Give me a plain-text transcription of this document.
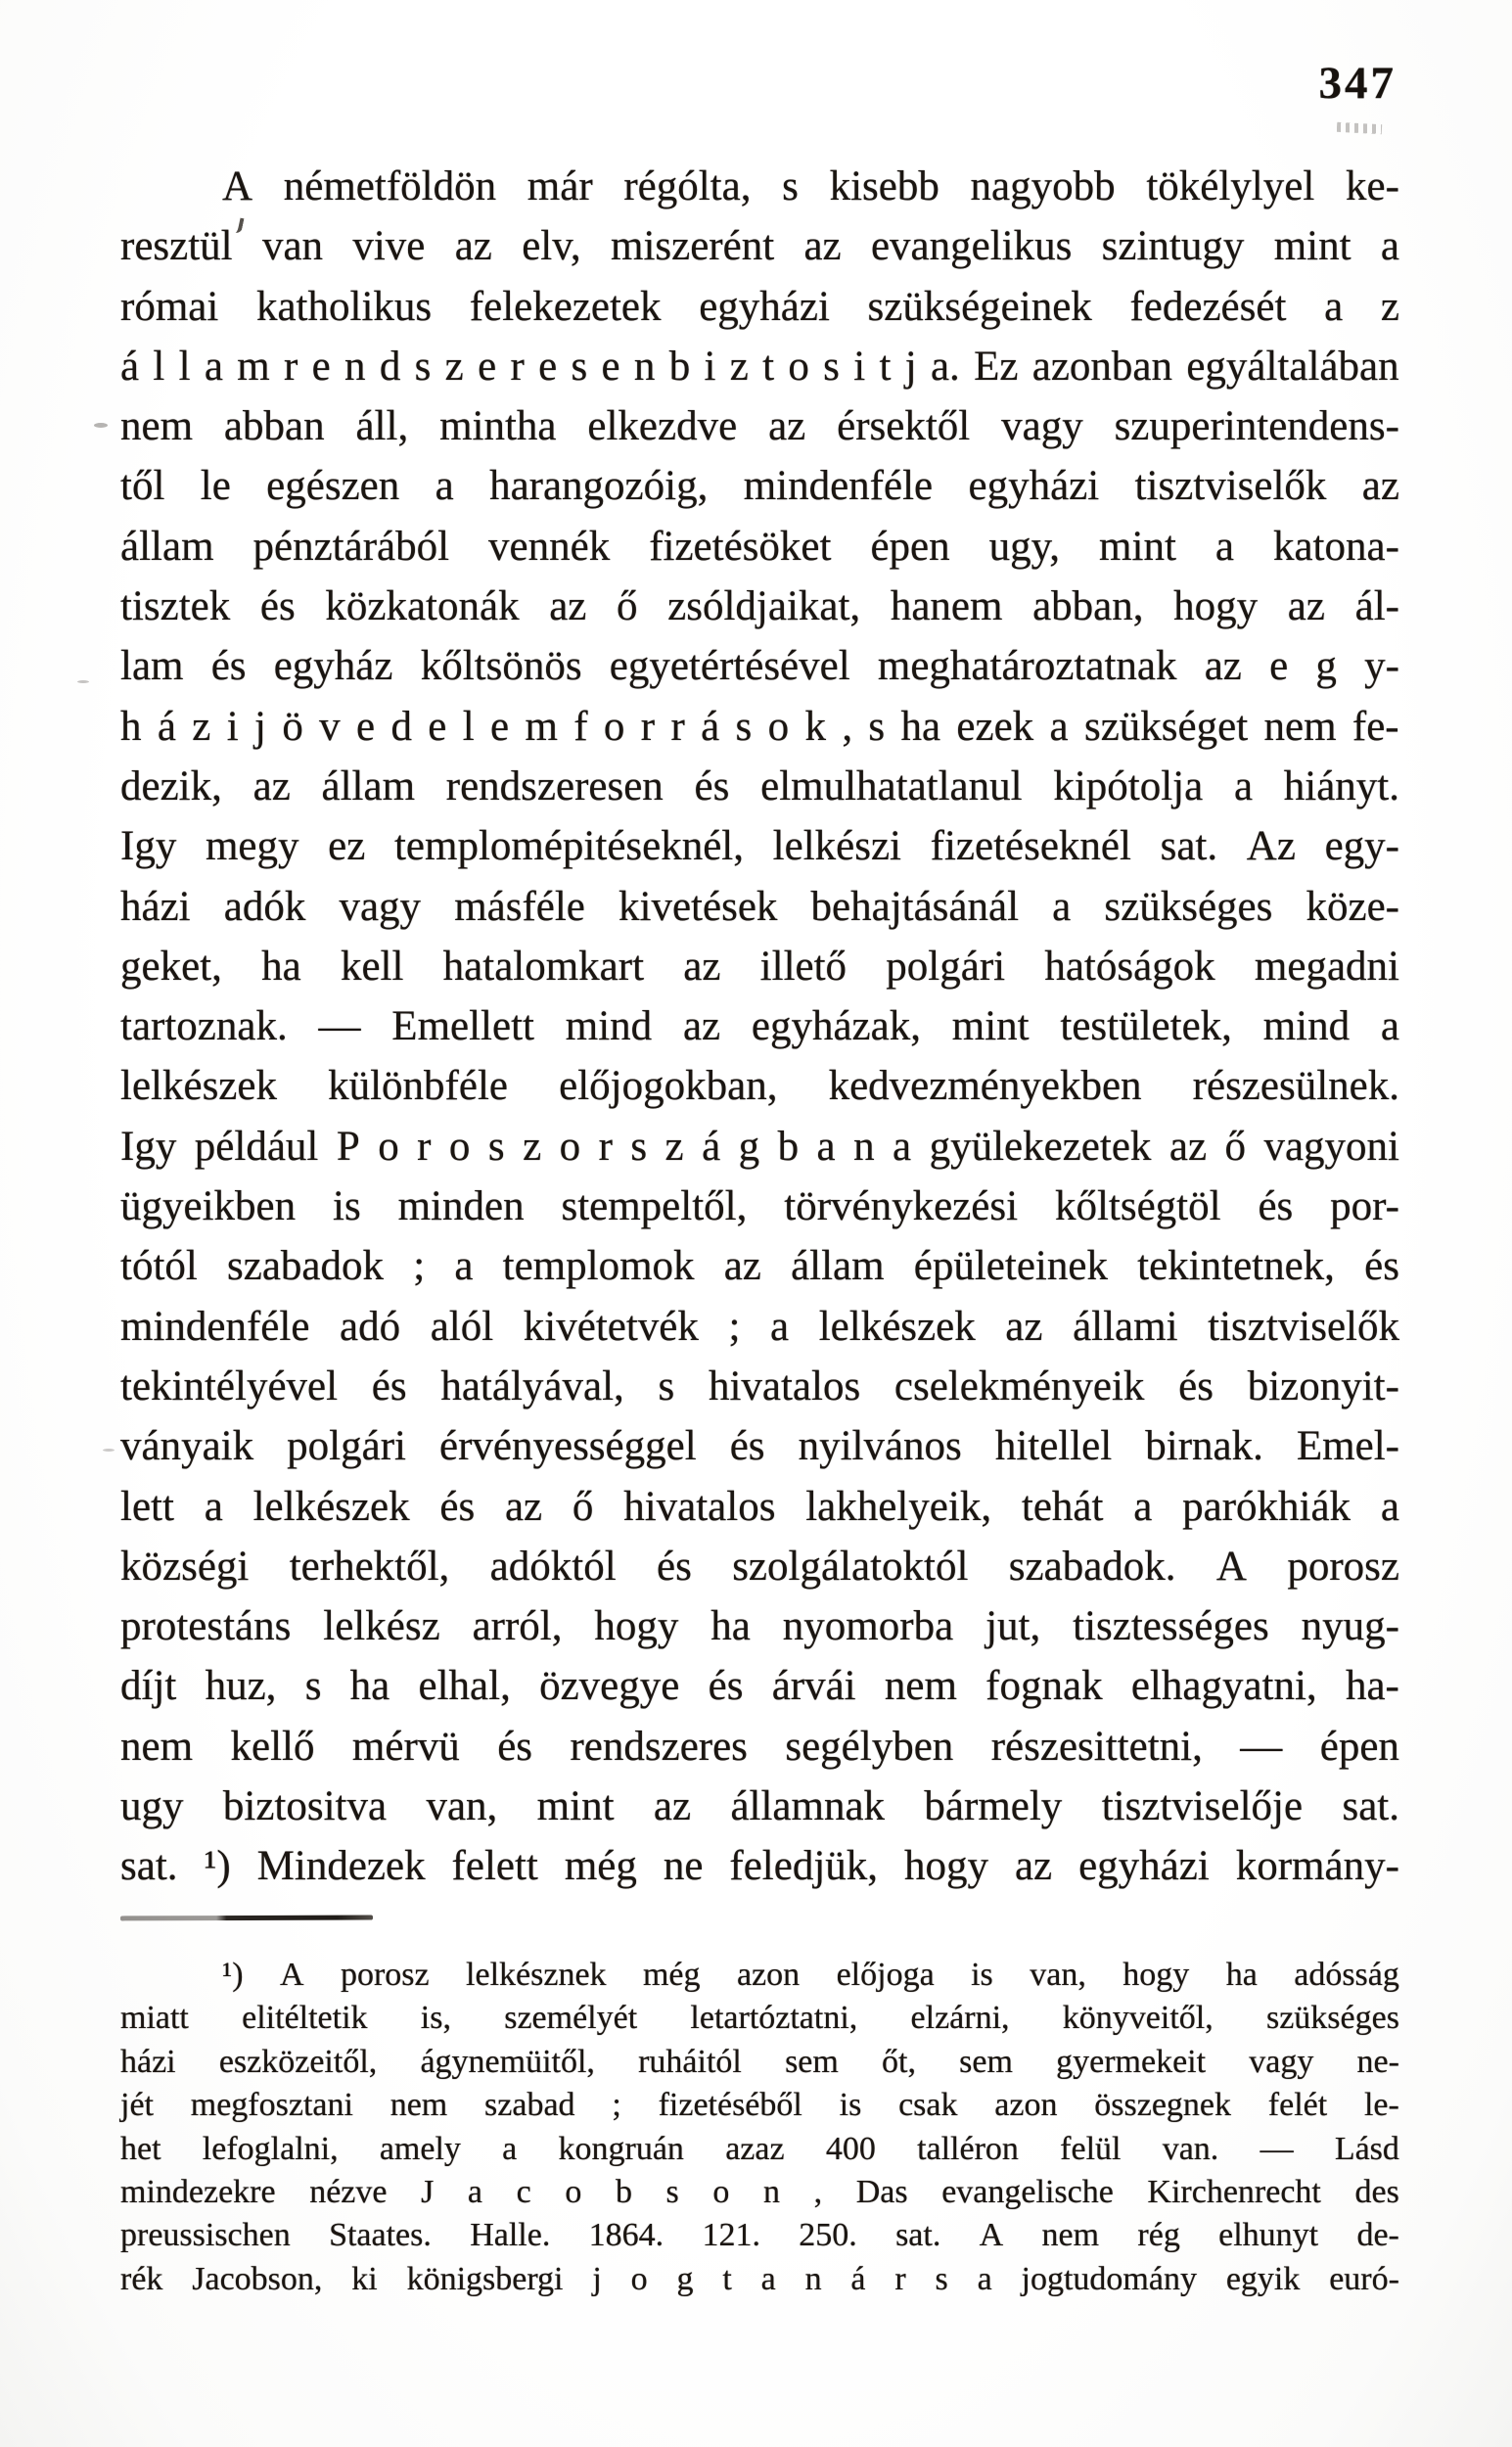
347
A németföldön már régólta, s kisebb nagyobb tökélylyel ke-
resztül van vive az elv, miszerént az evangelikus szintugy mint a
római katholikus felekezetek egyházi szükségeinek fedezését a z
á l l a m r e n d s z e r e s e n b i z t o s i t j a. Ez azonban egyáltalában
nem abban áll, mintha elkezdve az érsektől vagy szuperintendens-
től le egészen a harangozóig, mindenféle egyházi tisztviselők az
állam pénztárából vennék fizetésöket épen ugy, mint a katona-
tisztek és közkatonák az ő zsóldjaikat, hanem abban, hogy az ál-
lam és egyház kőltsönös egyetértésével meghatároztatnak az e g y-
h á z i j ö v e d e l e m f o r r á s o k , s ha ezek a szükséget nem fe-
dezik, az állam rendszeresen és elmulhatatlanul kipótolja a hiányt.
Igy megy ez templomépitéseknél, lelkészi fizetéseknél sat. Az egy-
házi adók vagy másféle kivetések behajtásánál a szükséges köze-
geket, ha kell hatalomkart az illető polgári hatóságok megadni
tartoznak. — Emellett mind az egyházak, mint testületek, mind a
lelkészek különbféle előjogokban, kedvezményekben részesülnek.
Igy például P o r o s z o r s z á g b a n a gyülekezetek az ő vagyoni
ügyeikben is minden stempeltől, törvénykezési kőltségtöl és por-
tótól szabadok ; a templomok az állam épületeinek tekintetnek, és
mindenféle adó alól kivétetvék ; a lelkészek az állami tisztviselők
tekintélyével és hatályával, s hivatalos cselekményeik és bizonyit-
ványaik polgári érvényességgel és nyilvános hitellel birnak. Emel-
lett a lelkészek és az ő hivatalos lakhelyeik, tehát a parókhiák a
községi terhektől, adóktól és szolgálatoktól szabadok. A porosz
protestáns lelkész arról, hogy ha nyomorba jut, tisztességes nyug-
díjt huz, s ha elhal, özvegye és árvái nem fognak elhagyatni, ha-
nem kellő mérvü és rendszeres segélyben részesittetni, — épen
ugy biztositva van, mint az államnak bármely tisztviselője sat.
sat. ¹) Mindezek felett még ne feledjük, hogy az egyházi kormány-
¹) A porosz lelkésznek még azon előjoga is van, hogy ha adósság
miatt elitéltetik is, személyét letartóztatni, elzárni, könyveitől, szükséges
házi eszközeitől, ágynemüitől, ruháitól sem őt, sem gyermekeit vagy ne-
jét megfosztani nem szabad ; fizetéséből is csak azon összegnek felét le-
het lefoglalni, amely a kongruán azaz 400 talléron felül van. — Lásd
mindezekre nézve J a c o b s o n , Das evangelische Kirchenrecht des
preussischen Staates. Halle. 1864. 121. 250. sat. A nem rég elhunyt de-
rék Jacobson, ki königsbergi j o g t a n á r s a jogtudomány egyik euró-
